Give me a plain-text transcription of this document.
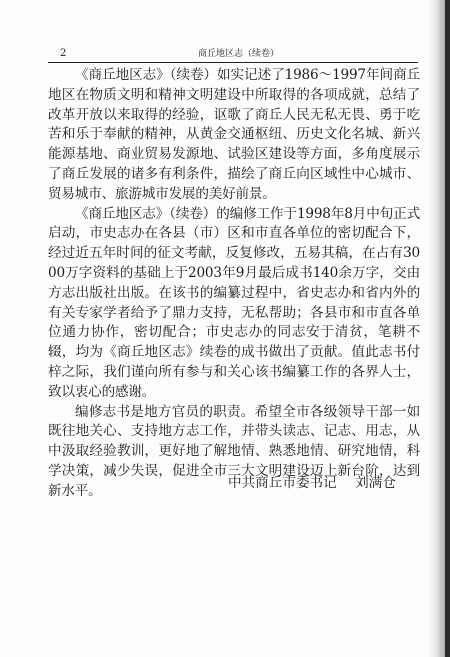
2	商丘地区志（续卷）

《商丘地区志》（续卷）如实记述了1986～1997年间商丘地区在物质文明和精神文明建设中所取得的各项成就，总结了改革开放以来取得的经验，讴歌了商丘人民无私无畏、勇于吃苦和乐于奉献的精神，从黄金交通枢纽、历史文化名城、新兴能源基地、商业贸易发源地、试验区建设等方面，多角度展示了商丘发展的诸多有利条件，描绘了商丘向区域性中心城市、贸易城市、旅游城市发展的美好前景。

《商丘地区志》（续卷）的编修工作于1998年8月中旬正式启动，市史志办在各县（市）区和市直各单位的密切配合下，经过近五年时间的征文考献，反复修改，五易其稿，在占有3000万字资料的基础上于2003年9月最后成书140余万字，交由方志出版社出版。在该书的编纂过程中，省史志办和省内外的有关专家学者给予了鼎力支持，无私帮助；各县市和市直各单位通力协作，密切配合；市史志办的同志安于清贫，笔耕不辍，均为《商丘地区志》续卷的成书做出了贡献。值此志书付梓之际，我们谨向所有参与和关心该书编纂工作的各界人士，致以衷心的感谢。

编修志书是地方官员的职责。希望全市各级领导干部一如既往地关心、支持地方志工作，并带头读志、记志、用志，从中汲取经验教训，更好地了解地情、熟悉地情、研究地情，科学决策，减少失误，促进全市三大文明建设迈上新台阶，达到新水平。	中共商丘市委书记 刘满仓
